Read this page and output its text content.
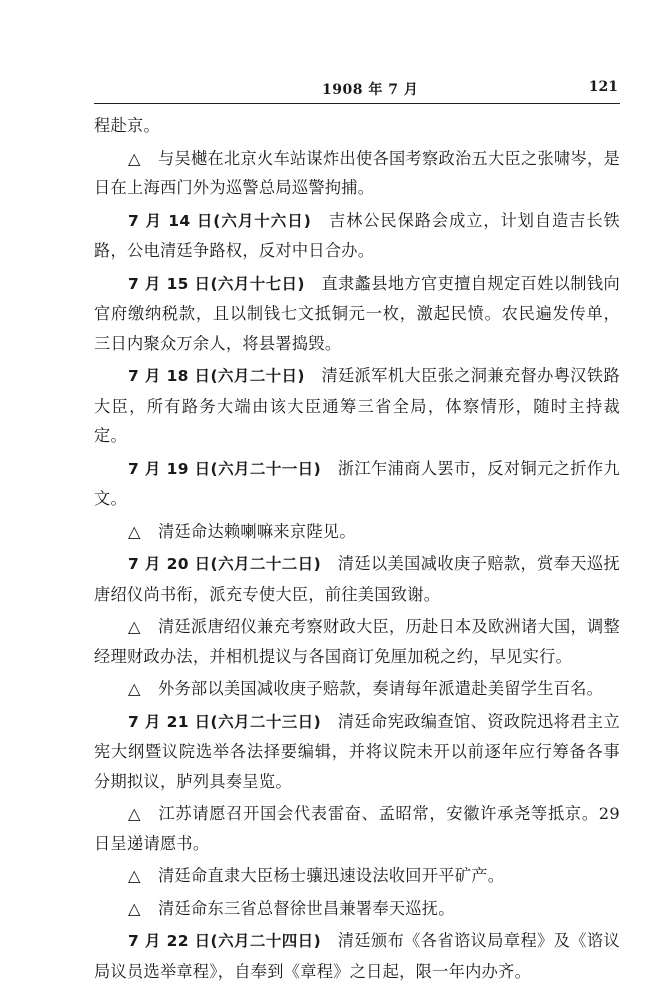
1908 年 7 月	121

程赴京。

△ 与吴樾在北京火车站谋炸出使各国考察政治五大臣之张啸岑，是日在上海西门外为巡警总局巡警拘捕。

7 月 14 日(六月十六日)　 吉林公民保路会成立，计划自造吉长铁路，公电清廷争路权，反对中日合办。

7 月 15 日(六月十七日)　 直隶蠡县地方官吏擅自规定百姓以制钱向官府缴纳税款，且以制钱七文抵铜元一枚，激起民愤。农民遍发传单，三日内聚众万余人，将县署捣毁。

7 月 18 日(六月二十日)　 清廷派军机大臣张之洞兼充督办粤汉铁路大臣，所有路务大端由该大臣通筹三省全局，体察情形，随时主持裁定。

7 月 19 日(六月二十一日)　 浙江乍浦商人罢市，反对铜元之折作九文。

△ 清廷命达赖喇嘛来京陛见。

7 月 20 日(六月二十二日)　 清廷以美国减收庚子赔款，赏奉天巡抚唐绍仪尚书衔，派充专使大臣，前往美国致谢。

△ 清廷派唐绍仪兼充考察财政大臣，历赴日本及欧洲诸大国，调整经理财政办法，并相机提议与各国商订免厘加税之约，早见实行。

△ 外务部以美国减收庚子赔款，奏请每年派遣赴美留学生百名。

7 月 21 日(六月二十三日)　 清廷命宪政编查馆、资政院迅将君主立宪大纲暨议院选举各法择要编辑，并将议院未开以前逐年应行筹备各事分期拟议，胪列具奏呈览。

△ 江苏请愿召开国会代表雷奋、孟昭常，安徽许承尧等抵京。29日呈递请愿书。

△ 清廷命直隶大臣杨士骧迅速设法收回开平矿产。

△ 清廷命东三省总督徐世昌兼署奉天巡抚。

7 月 22 日(六月二十四日)　 清廷颁布《各省谘议局章程》及《谘议局议员选举章程》，自奉到《章程》之日起，限一年内办齐。
